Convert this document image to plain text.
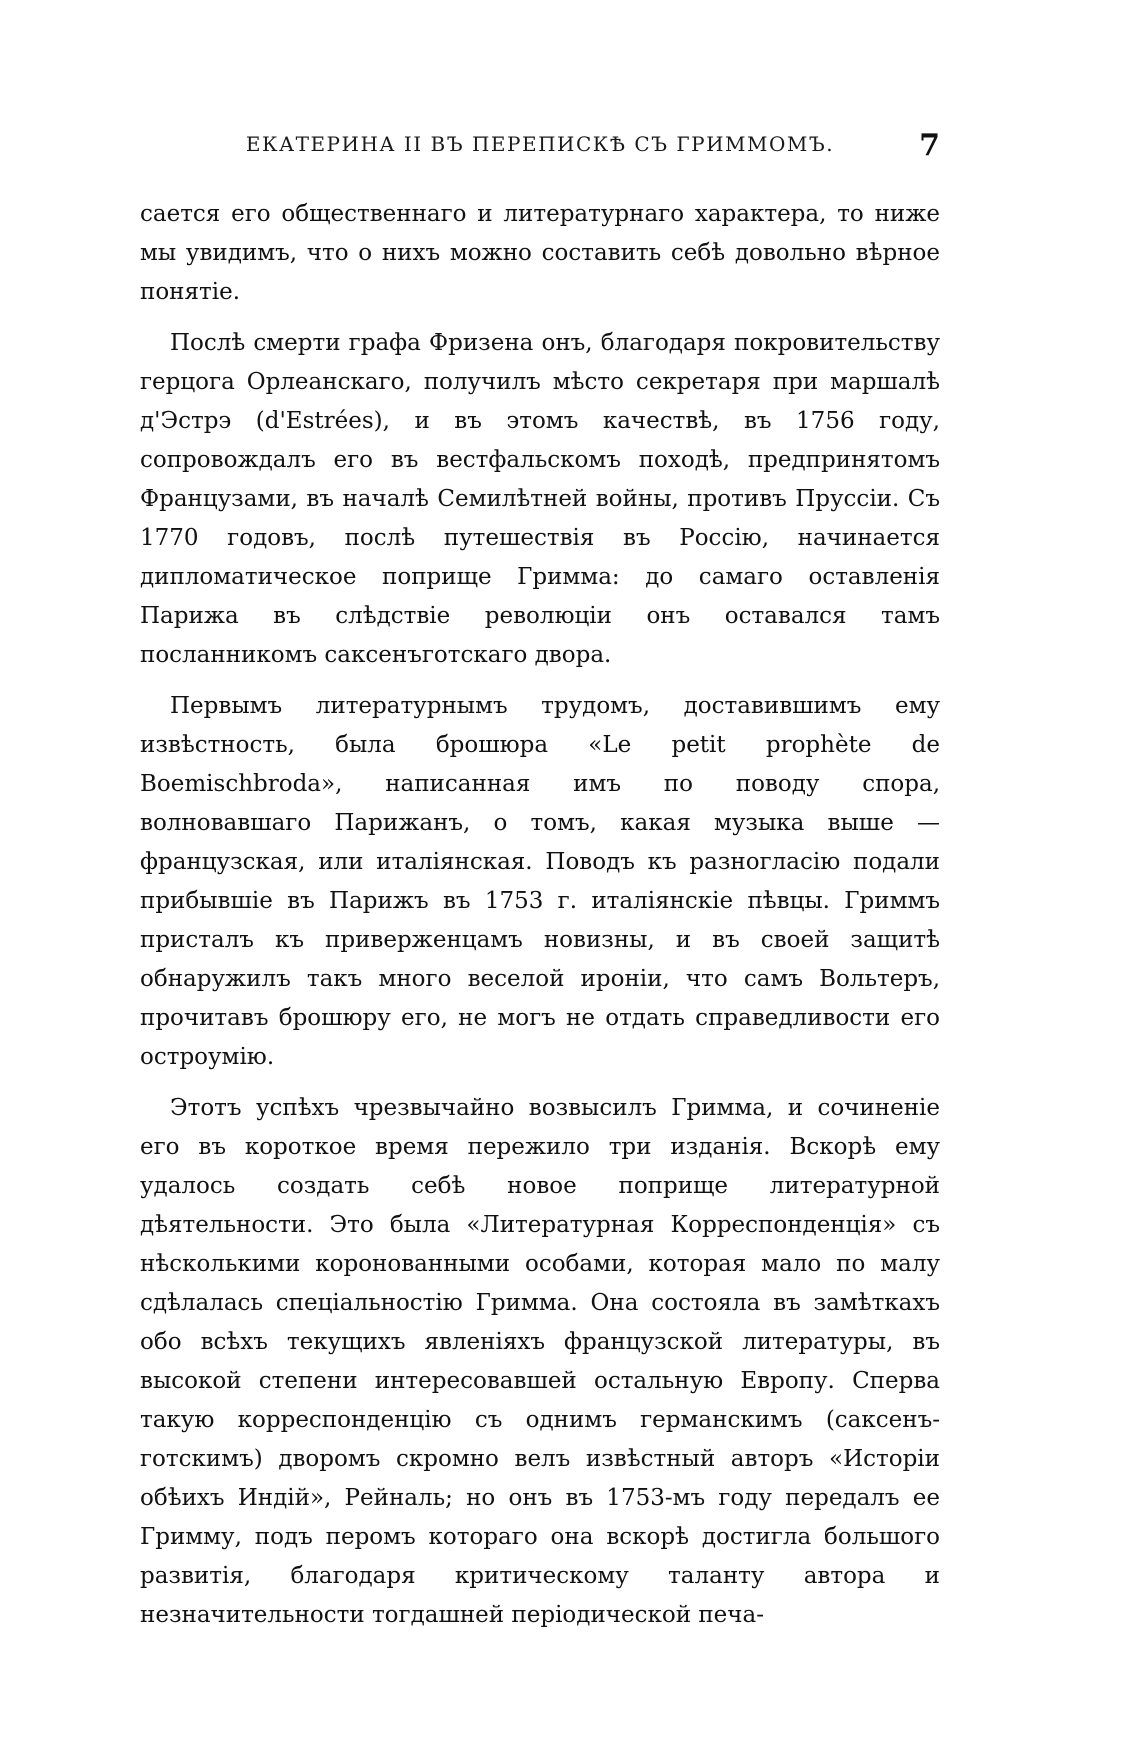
ЕКАТЕРИНА II ВЪ ПЕРЕПИСКѢ СЪ ГРИММОМЪ.	7

сается его общественнаго и литературнаго характера, то ниже мы увидимъ, что о нихъ можно составить себѣ довольно вѣрное понятіе.

Послѣ смерти графа Фризена онъ, благодаря покровительству герцога Орлеанскаго, получилъ мѣсто секретаря при маршалѣ д'Эстрэ (d'Estrées), и въ этомъ качествѣ, въ 1756 году, сопровождалъ его въ вестфальскомъ походѣ, предпринятомъ Французами, въ началѣ Семилѣтней войны, противъ Пруссіи. Съ 1770 годовъ, послѣ путешествія въ Россію, начинается дипломатическое поприще Гримма: до самаго оставленія Парижа въ слѣдствіе революціи онъ оставался тамъ посланникомъ саксенъготскаго двора.

Первымъ литературнымъ трудомъ, доставившимъ ему извѣстность, была брошюра «Le petit prophète de Boemischbroda», написанная имъ по поводу спора, волновавшаго Парижанъ, о томъ, какая музыка выше — французская, или италіянская. Поводъ къ разногласію подали прибывшіе въ Парижъ въ 1753 г. италіянскіе пѣвцы. Гриммъ присталъ къ приверженцамъ новизны, и въ своей защитѣ обнаружилъ такъ много веселой ироніи, что самъ Вольтеръ, прочитавъ брошюру его, не могъ не отдать справедливости его остроумію.

Этотъ успѣхъ чрезвычайно возвысилъ Гримма, и сочиненіе его въ короткое время пережило три изданія. Вскорѣ ему удалось создать себѣ новое поприще литературной дѣятельности. Это была «Литературная Корреспонденція» съ нѣсколькими коронованными особами, которая мало по малу сдѣлалась спеціальностію Гримма. Она состояла въ замѣткахъ обо всѣхъ текущихъ явленіяхъ французской литературы, въ высокой степени интересовавшей остальную Европу. Сперва такую корреспонденцію съ однимъ германскимъ (саксенъ-готскимъ) дворомъ скромно велъ извѣстный авторъ «Исторіи обѣихъ Индій», Рейналь; но онъ въ 1753-мъ году передалъ ее Гримму, подъ перомъ котораго она вскорѣ достигла большого развитія, благодаря критическому таланту автора и незначительности тогдашней періодической печа-
